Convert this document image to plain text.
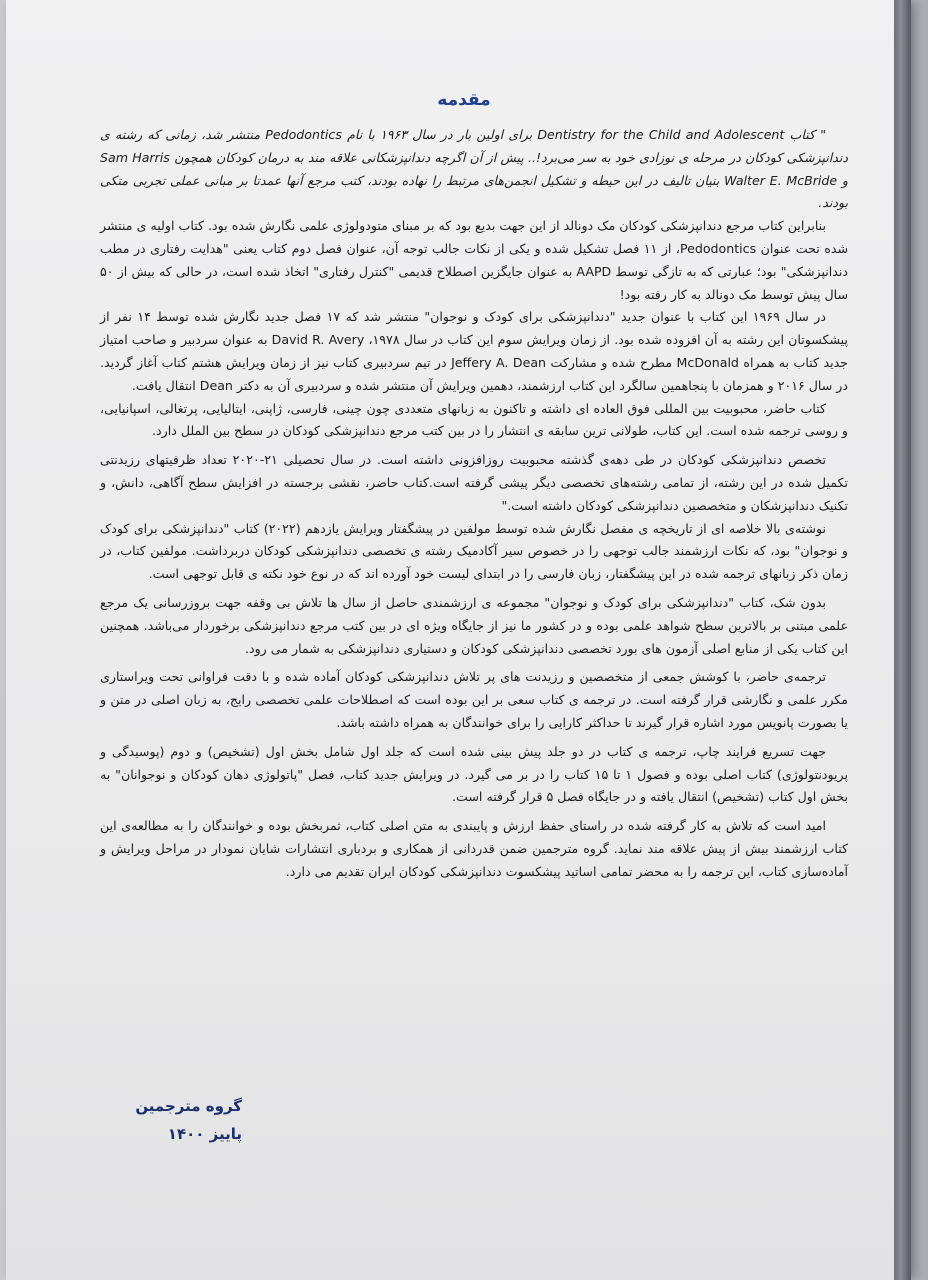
مقدمه

" کتاب Dentistry for the Child and Adolescent برای اولین بار در سال ۱۹۶۳ با نام Pedodontics منتشر شد، زمانی که رشته ی دندانپزشکی کودکان در مرحله ی نوزادی خود به سر می‌برد!.. پیش از آن اگرچه دندانپزشکانی علاقه مند به درمان کودکان همچون Sam Harris و Walter E. McBride بنیان تالیف در این حیطه و تشکیل انجمن‌های مرتبط را نهاده بودند، کتب مرجع آنها عمدتا بر مبانی عملی تجربی متکی بودند.

بنابراین کتاب مرجع دندانپزشکی کودکان مک دونالد از این جهت بدیع بود که بر مبنای متودولوژی علمی نگارش شده بود. کتاب اولیه ی منتشر شده تحت عنوان Pedodontics، از ۱۱ فصل تشکیل شده و یکی از نکات جالب توجه آن، عنوان فصل دوم کتاب یعنی "هدایت رفتاری در مطب دندانپزشکی" بود؛ عبارتی که به تازگی توسط AAPD به عنوان جایگزین اصطلاح قدیمی "کنترل رفتاری" اتخاذ شده است، در حالی که بیش از ۵۰ سال پیش توسط مک دونالد به کار رفته بود!

در سال ۱۹۶۹ این کتاب با عنوان جدید "دندانپزشکی برای کودک و نوجوان" منتشر شد که ۱۷ فصل جدید نگارش شده توسط ۱۴ نفر از پیشکسوتان این رشته به آن افزوده شده بود. از زمان ویرایش سوم این کتاب در سال ۱۹۷۸، David R. Avery به عنوان سردبیر و صاحب امتیاز جدید کتاب به همراه McDonald مطرح شده و مشارکت Jeffery A. Dean در تیم سردبیری کتاب نیز از زمان ویرایش هشتم کتاب آغاز گردید. در سال ۲۰۱۶ و همزمان با پنجاهمین سالگرد این کتاب ارزشمند، دهمین ویرایش آن منتشر شده و سردبیری آن به دکتر Dean انتقال یافت.

کتاب حاضر، محبوبیت بین المللی فوق العاده ای داشته و تاکنون به زبانهای متعددی چون چینی، فارسی، ژاپنی، ایتالیایی، پرتغالی، اسپانیایی، و روسی ترجمه شده است. این کتاب، طولانی ترین سابقه ی انتشار را در بین کتب مرجع دندانپزشکی کودکان در سطح بین الملل دارد.

تخصص دندانپزشکی کودکان در طی دهه‌ی گذشته محبوبیت روزافزونی داشته است. در سال تحصیلی ۲۱-۲۰۲۰ تعداد ظرفیتهای رزیدنتی تکمیل شده در این رشته، از تمامی رشته‌های تخصصی دیگر پیشی گرفته است.کتاب حاضر، نقشی برجسته در افزایش سطح آگاهی، دانش، و تکنیک دندانپزشکان و متخصصین دندانپزشکی کودکان داشته است."

نوشته‌ی بالا خلاصه ای از تاریخچه ی مفصل نگارش شده توسط مولفین در پیشگفتار ویرایش یازدهم (۲۰۲۲) کتاب "دندانپزشکی برای کودک و نوجوان" بود، که نکات ارزشمند جالب توجهی را در خصوص سیر آکادمیک رشته ی تخصصی دندانپزشکی کودکان دربرداشت. مولفین کتاب، در زمان ذکر زبانهای ترجمه شده در این پیشگفتار، زبان فارسی را در ابتدای لیست خود آورده اند که در نوع خود نکته ی قابل توجهی است.

بدون شک، کتاب "دندانپزشکی برای کودک و نوجوان" مجموعه ی ارزشمندی حاصل از سال ها تلاش بی وقفه جهت بروزرسانی یک مرجع علمی مبتنی بر بالاترین سطح شواهد علمی بوده و در کشور ما نیز از جایگاه ویژه ای در بین کتب مرجع دندانپزشکی برخوردار می‌باشد. همچنین این کتاب یکی از منابع اصلی آزمون های بورد تخصصی دندانپزشکی کودکان و دستیاری دندانپزشکی به شمار می رود.

ترجمه‌ی حاضر، با کوشش جمعی از متخصصین و رزیدنت های پر تلاش دندانپزشکی کودکان آماده شده و با دقت فراوانی تحت ویراستاری مکرر علمی و نگارشی قرار گرفته است. در ترجمه ی کتاب سعی بر این بوده است که اصطلاحات علمی تخصصی رایج، به زبان اصلی در متن و یا بصورت پانویس مورد اشاره قرار گیرند تا حداکثر کارایی را برای خوانندگان به همراه داشته باشد.

جهت تسریع فرایند چاپ، ترجمه ی کتاب در دو جلد پیش بینی شده است که جلد اول شامل بخش اول (تشخیص) و دوم (پوسیدگی و پریودنتولوژی) کتاب اصلی بوده و فصول ۱ تا ۱۵ کتاب را در بر می گیرد. در ویرایش جدید کتاب، فصل "پاتولوژی دهان کودکان و نوجوانان" به بخش اول کتاب (تشخیص) انتقال یافته و در جایگاه فصل ۵ قرار گرفته است.

امید است که تلاش به کار گرفته شده در راستای حفظ ارزش و پایبندی به متن اصلی کتاب، ثمربخش بوده و خوانندگان را به مطالعه‌ی این کتاب ارزشمند بیش از پیش علاقه مند نماید. گروه مترجمین ضمن قدردانی از همکاری و بردباری انتشارات شایان نمودار در مراحل ویرایش و آماده‌سازی کتاب، این ترجمه را به محضر تمامی اساتید پیشکسوت دندانپزشکی کودکان ایران تقدیم می دارد.

گروه مترجمین
پاییز ۱۴۰۰
